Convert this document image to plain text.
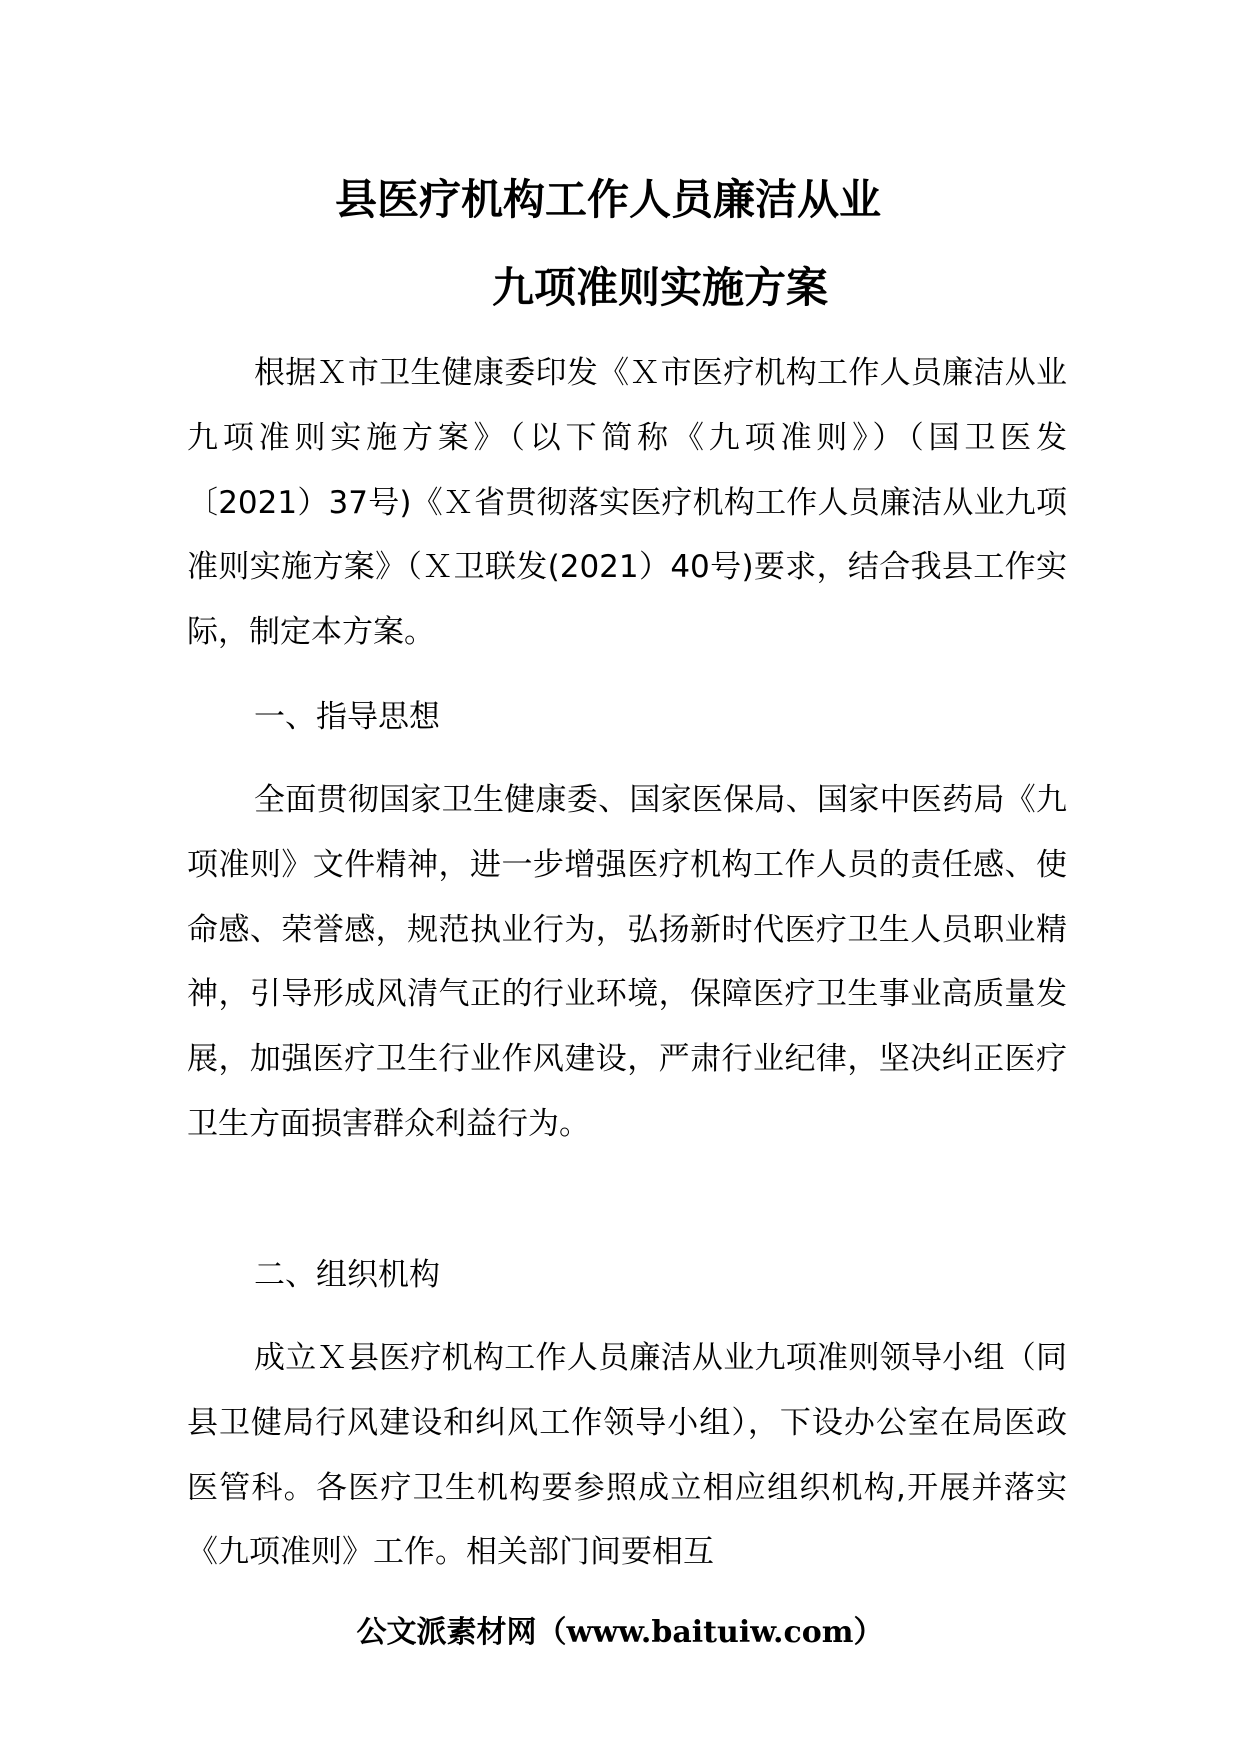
县医疗机构工作人员廉洁从业
九项准则实施方案

根据Ｘ市卫生健康委印发《Ｘ市医疗机构工作人员廉洁从业九项准则实施方案》（以下简称《九项准则》）（国卫医发〔2021）37号)《Ｘ省贯彻落实医疗机构工作人员廉洁从业九项准则实施方案》（Ｘ卫联发(2021）40号)要求，结合我县工作实际，制定本方案。

一、指导思想

全面贯彻国家卫生健康委、国家医保局、国家中医药局《九项准则》文件精神，进一步增强医疗机构工作人员的责任感、使命感、荣誉感，规范执业行为，弘扬新时代医疗卫生人员职业精神，引导形成风清气正的行业环境，保障医疗卫生事业高质量发展，加强医疗卫生行业作风建设，严肃行业纪律，坚决纠正医疗卫生方面损害群众利益行为。

二、组织机构

成立Ｘ县医疗机构工作人员廉洁从业九项准则领导小组（同县卫健局行风建设和纠风工作领导小组），下设办公室在局医政医管科。各医疗卫生机构要参照成立相应组织机构,开展并落实《九项准则》工作。相关部门间要相互

公文派素材网（www.baituiw.com）
